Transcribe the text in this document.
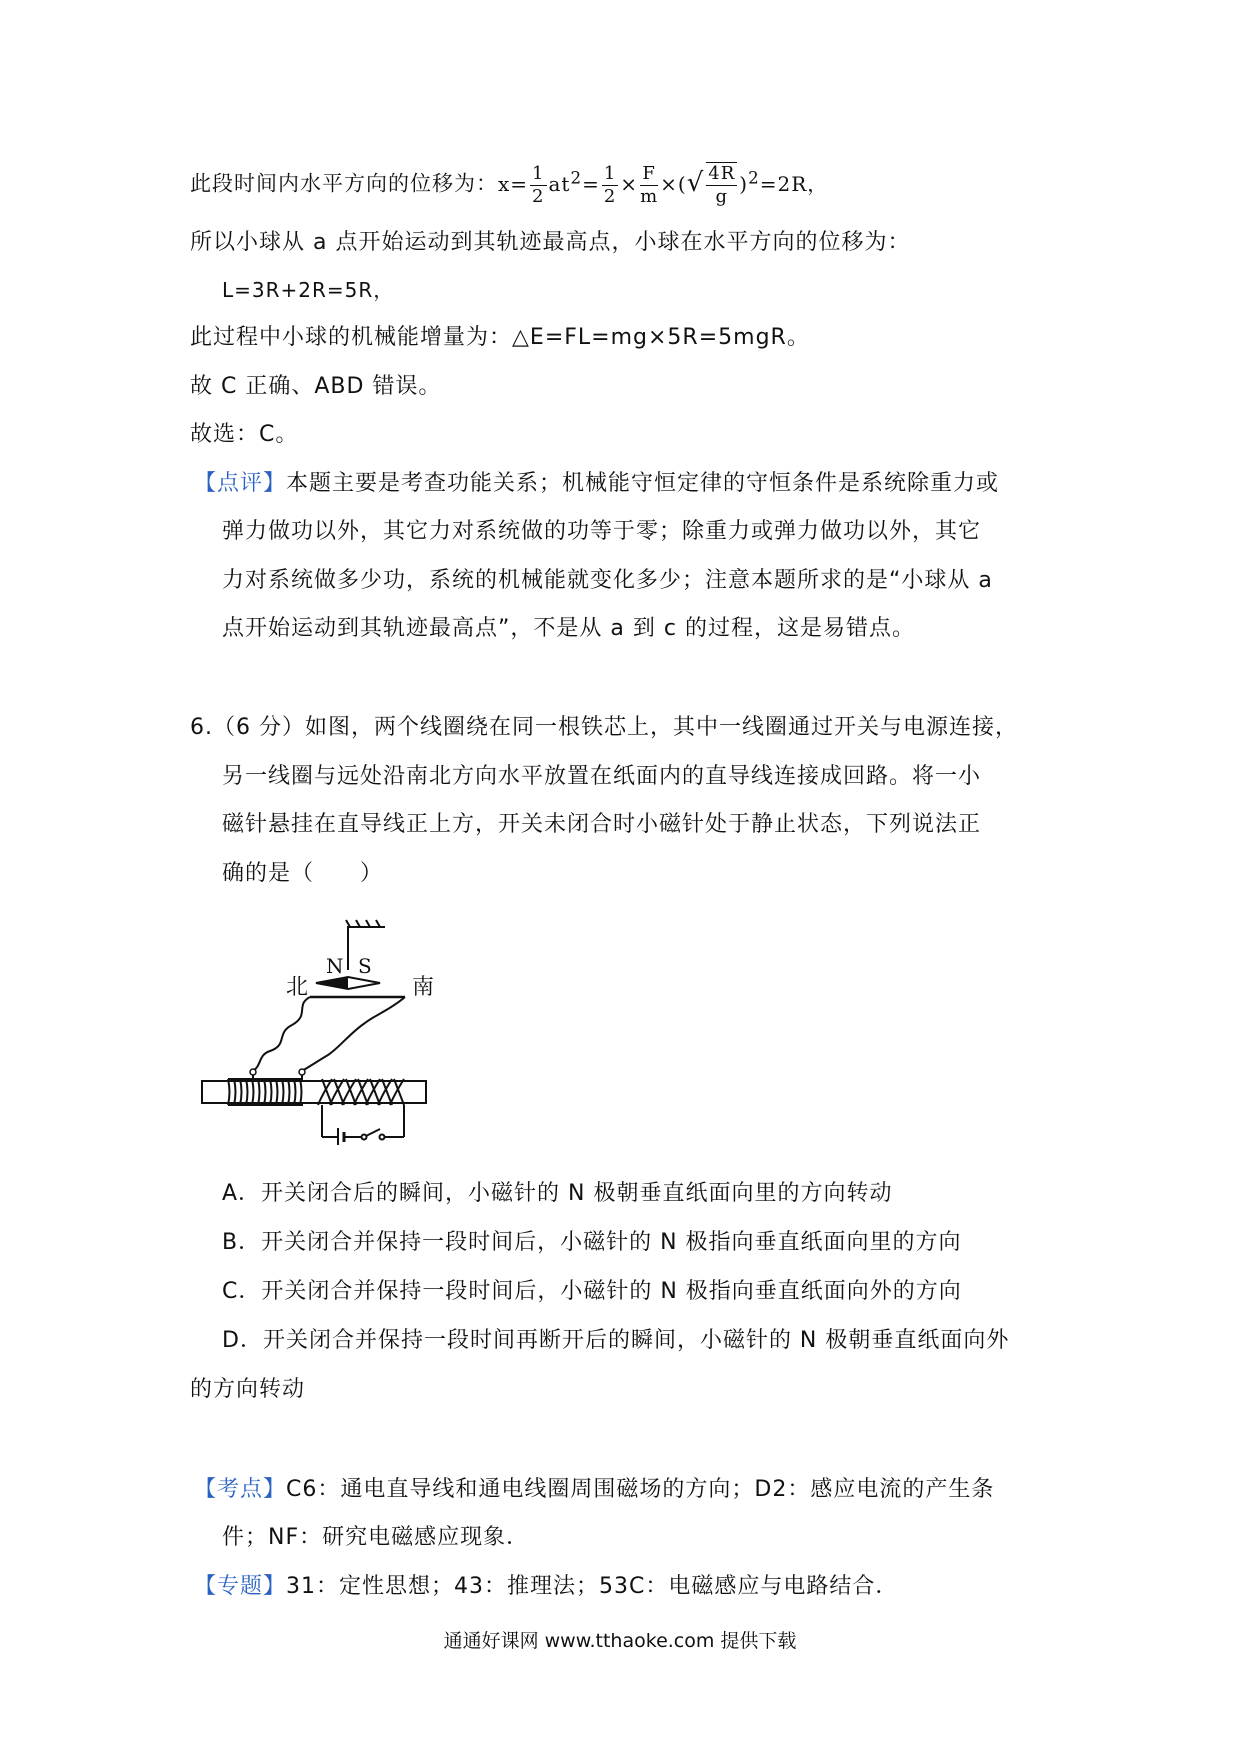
此段时间内水平方向的位移为：$x= \frac{1}{2} at^2= \frac{1}{2} \times \frac{F}{m}$ ×(√ $\frac{4R}{g} )^2=2R$，
所以小球从 a 点开始运动到其轨迹最高点，小球在水平方向的位移为：
L=3R+2R=5R，
此过程中小球的机械能增量为：△E=FL=mg×5R=5mgR。
故 C 正确、ABD 错误。
故选：C。
【点评】本题主要是考查功能关系；机械能守恒定律的守恒条件是系统除重力或
弹力做功以外，其它力对系统做的功等于零；除重力或弹力做功以外，其它
力对系统做多少功，系统的机械能就变化多少；注意本题所求的是“小球从 a
点开始运动到其轨迹最高点”，不是从 a 到 c 的过程，这是易错点。
6.（6 分）如图，两个线圈绕在同一根铁芯上，其中一线圈通过开关与电源连接，
另一线圈与远处沿南北方向水平放置在纸面内的直导线连接成回路。将一小
磁针悬挂在直导线正上方，开关未闭合时小磁针处于静止状态，下列说法正
确的是（　　）
N S
北	南
A．开关闭合后的瞬间，小磁针的 N 极朝垂直纸面向里的方向转动
B．开关闭合并保持一段时间后，小磁针的 N 极指向垂直纸面向里的方向
C．开关闭合并保持一段时间后，小磁针的 N 极指向垂直纸面向外的方向
D．开关闭合并保持一段时间再断开后的瞬间，小磁针的 N 极朝垂直纸面向外
的方向转动
【考点】C6：通电直导线和通电线圈周围磁场的方向；D2：感应电流的产生条
件；NF：研究电磁感应现象．
【专题】31：定性思想；43：推理法；53C：电磁感应与电路结合．
通通好课网 www.tthaoke.com 提供下载
